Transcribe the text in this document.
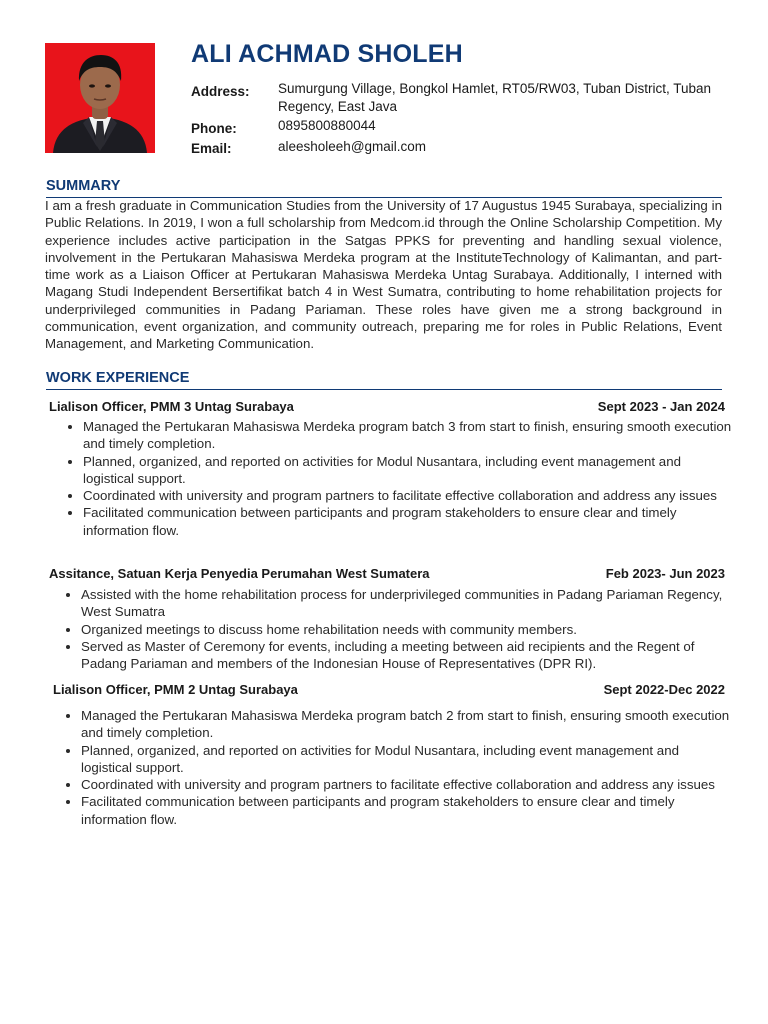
ALI ACHMAD SHOLEH
Address:	Sumurgung Village, Bongkol Hamlet, RT05/RW03, Tuban District, Tuban Regency, East Java
Phone:	0895800880044
Email:	aleesholeeh@gmail.com
SUMMARY

I am a fresh graduate in Communication Studies from the University of 17 Augustus 1945 Surabaya, specializing in Public Relations. In 2019, I won a full scholarship from Medcom.id through the Online Scholarship Competition. My experience includes active participation in the Satgas PPKS for preventing and handling sexual violence, involvement in the Pertukaran Mahasiswa Merdeka program at the InstituteTechnology of Kalimantan, and part-time work as a Liaison Officer at Pertukaran Mahasiswa Merdeka Untag Surabaya. Additionally, I interned with Magang Studi Independent Bersertifikat batch 4 in West Sumatra, contributing to home rehabilitation projects for underprivileged communities in Padang Pariaman. These roles have given me a strong background in communication, event organization, and community outreach, preparing me for roles in Public Relations, Event Management, and Marketing Communication.

WORK EXPERIENCE
Lialison Officer, PMM 3 Untag Surabaya	Sept 2023 - Jan 2024
• Managed the Pertukaran Mahasiswa Merdeka program batch 3 from start to finish, ensuring smooth execution and timely completion.
• Planned, organized, and reported on activities for Modul Nusantara, including event management and logistical support.
• Coordinated with university and program partners to facilitate effective collaboration and address any issues
• Facilitated communication between participants and program stakeholders to ensure clear and timely information flow.
Assitance, Satuan Kerja Penyedia Perumahan West Sumatera	Feb 2023- Jun 2023
• Assisted with the home rehabilitation process for underprivileged communities in Padang Pariaman Regency, West Sumatra
• Organized meetings to discuss home rehabilitation needs with community members.
• Served as Master of Ceremony for events, including a meeting between aid recipients and the Regent of Padang Pariaman and members of the Indonesian House of Representatives (DPR RI).
Lialison Officer, PMM 2 Untag Surabaya	Sept 2022-Dec 2022
• Managed the Pertukaran Mahasiswa Merdeka program batch 2 from start to finish, ensuring smooth execution and timely completion.
• Planned, organized, and reported on activities for Modul Nusantara, including event management and logistical support.
• Coordinated with university and program partners to facilitate effective collaboration and address any issues
• Facilitated communication between participants and program stakeholders to ensure clear and timely information flow.
